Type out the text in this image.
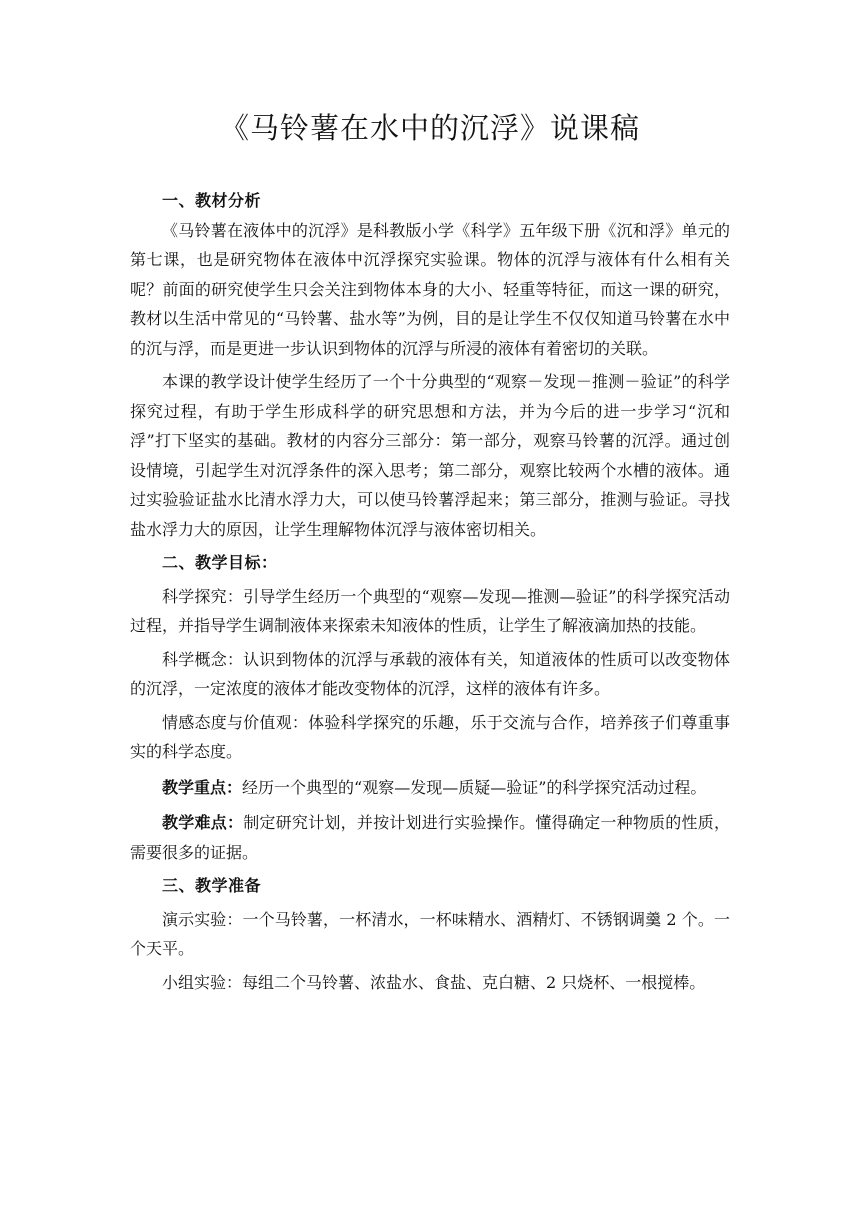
《马铃薯在水中的沉浮》说课稿

一、教材分析

《马铃薯在液体中的沉浮》是科教版小学《科学》五年级下册《沉和浮》单元的第七课，也是研究物体在液体中沉浮探究实验课。物体的沉浮与液体有什么相有关呢？前面的研究使学生只会关注到物体本身的大小、轻重等特征，而这一课的研究，教材以生活中常见的“马铃薯、盐水等”为例，目的是让学生不仅仅知道马铃薯在水中的沉与浮，而是更进一步认识到物体的沉浮与所浸的液体有着密切的关联。

本课的教学设计使学生经历了一个十分典型的“观察－发现－推测－验证”的科学探究过程，有助于学生形成科学的研究思想和方法，并为今后的进一步学习“沉和浮”打下坚实的基础。教材的内容分三部分：第一部分，观察马铃薯的沉浮。通过创设情境，引起学生对沉浮条件的深入思考；第二部分，观察比较两个水槽的液体。通过实验验证盐水比清水浮力大，可以使马铃薯浮起来；第三部分，推测与验证。寻找盐水浮力大的原因，让学生理解物体沉浮与液体密切相关。

二、教学目标：

科学探究：引导学生经历一个典型的“观察—发现—推测—验证”的科学探究活动过程，并指导学生调制液体来探索未知液体的性质，让学生了解液滴加热的技能。

科学概念：认识到物体的沉浮与承载的液体有关，知道液体的性质可以改变物体的沉浮，一定浓度的液体才能改变物体的沉浮，这样的液体有许多。

情感态度与价值观：体验科学探究的乐趣，乐于交流与合作，培养孩子们尊重事实的科学态度。

教学重点：经历一个典型的“观察—发现—质疑—验证”的科学探究活动过程。

教学难点：制定研究计划，并按计划进行实验操作。懂得确定一种物质的性质，需要很多的证据。

三、教学准备

演示实验：一个马铃薯，一杯清水，一杯味精水、酒精灯、不锈钢调羹 2 个。一个天平。

小组实验：每组二个马铃薯、浓盐水、食盐、克白糖、2 只烧杯、一根搅棒。
